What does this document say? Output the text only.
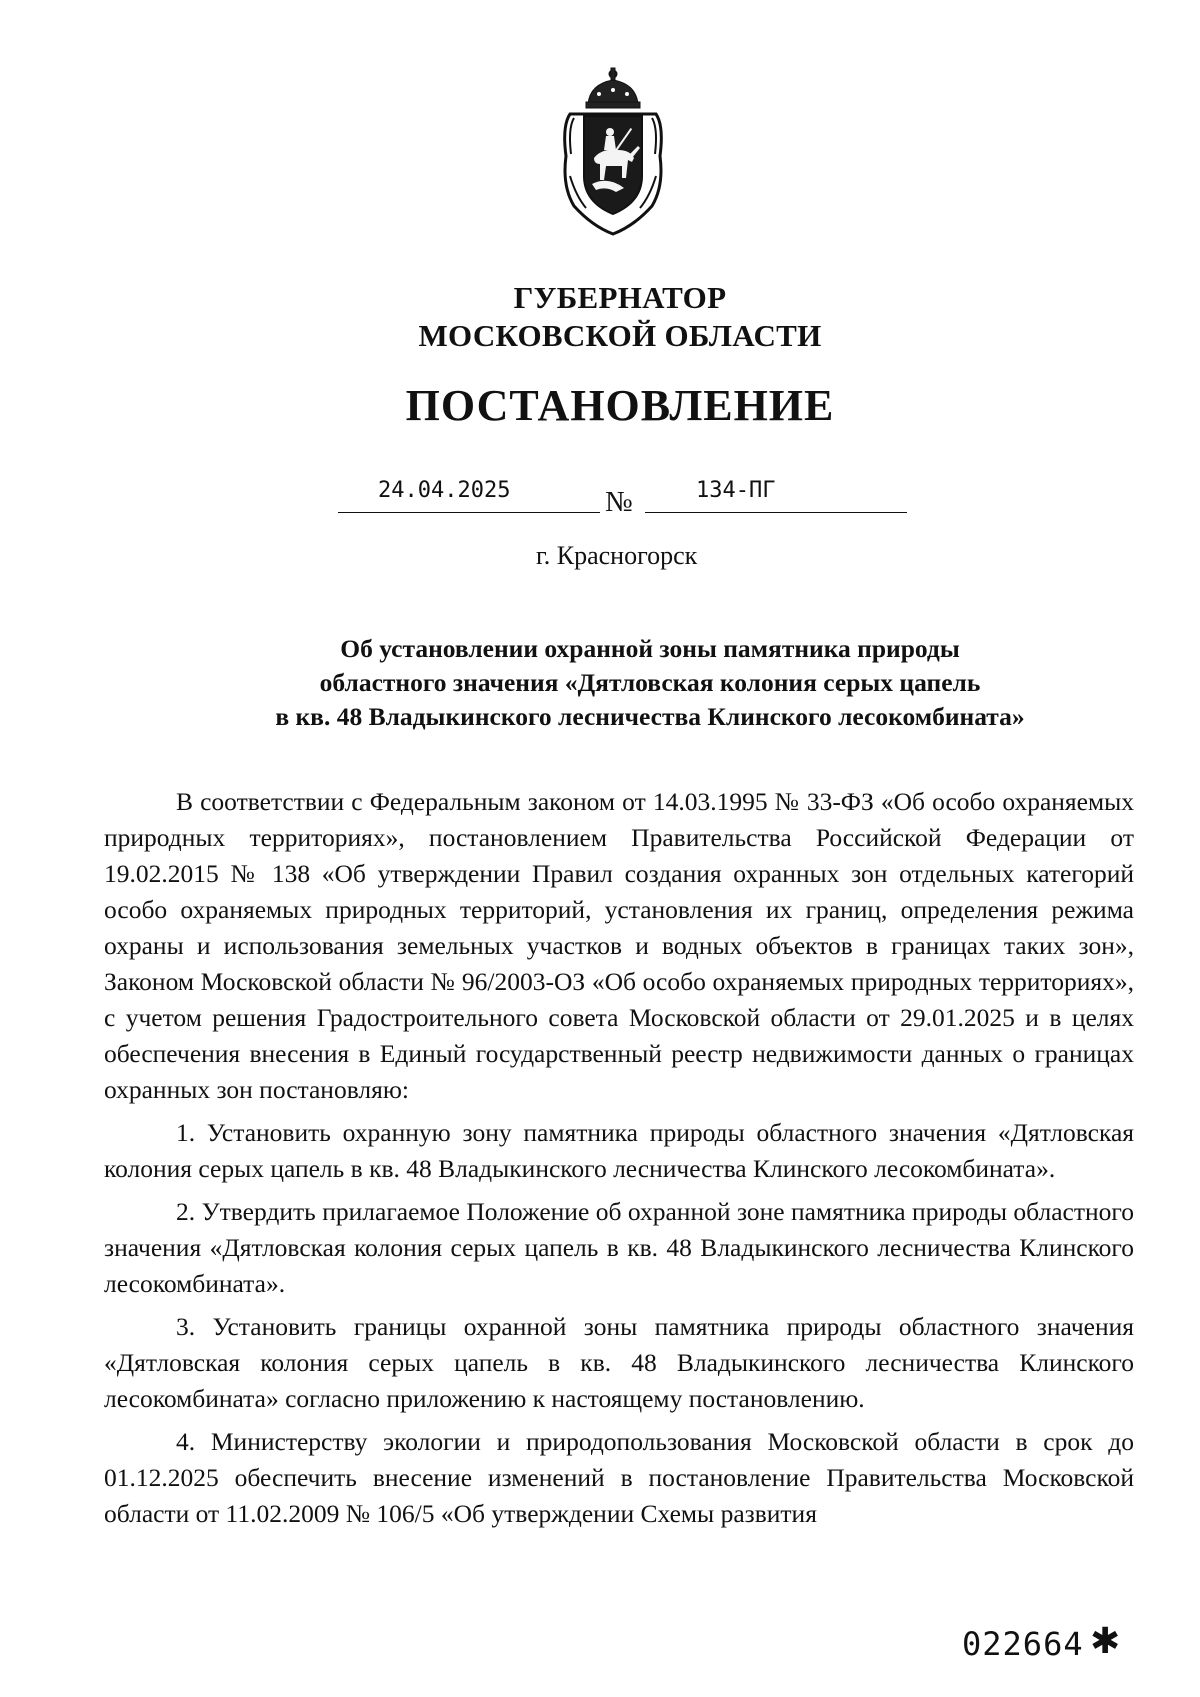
ГУБЕРНАТОР
МОСКОВСКОЙ ОБЛАСТИ
ПОСТАНОВЛЕНИЕ
24.04.2025	№	134-ПГ
г. Красногорск
Об установлении охранной зоны памятника природы
областного значения «Дятловская колония серых цапель
в кв. 48 Владыкинского лесничества Клинского лесокомбината»

В соответствии с Федеральным законом от 14.03.1995 № 33-ФЗ «Об особо охраняемых природных территориях», постановлением Правительства Российской Федерации от 19.02.2015 № 138 «Об утверждении Правил создания охранных зон отдельных категорий особо охраняемых природных территорий, установления их границ, определения режима охраны и использования земельных участков и водных объектов в границах таких зон», Законом Московской области № 96/2003-ОЗ «Об особо охраняемых природных территориях», с учетом решения Градостроительного совета Московской области от 29.01.2025 и в целях обеспечения внесения в Единый государственный реестр недвижимости данных о границах охранных зон постановляю:

1. Установить охранную зону памятника природы областного значения «Дятловская колония серых цапель в кв. 48 Владыкинского лесничества Клинского лесокомбината».

2. Утвердить прилагаемое Положение об охранной зоне памятника природы областного значения «Дятловская колония серых цапель в кв. 48 Владыкинского лесничества Клинского лесокомбината».

3. Установить границы охранной зоны памятника природы областного значения «Дятловская колония серых цапель в кв. 48 Владыкинского лесничества Клинского лесокомбината» согласно приложению к настоящему постановлению.

4. Министерству экологии и природопользования Московской области в срок до 01.12.2025 обеспечить внесение изменений в постановление Правительства Московской области от 11.02.2009 № 106/5 «Об утверждении Схемы развития

022664 ✱
